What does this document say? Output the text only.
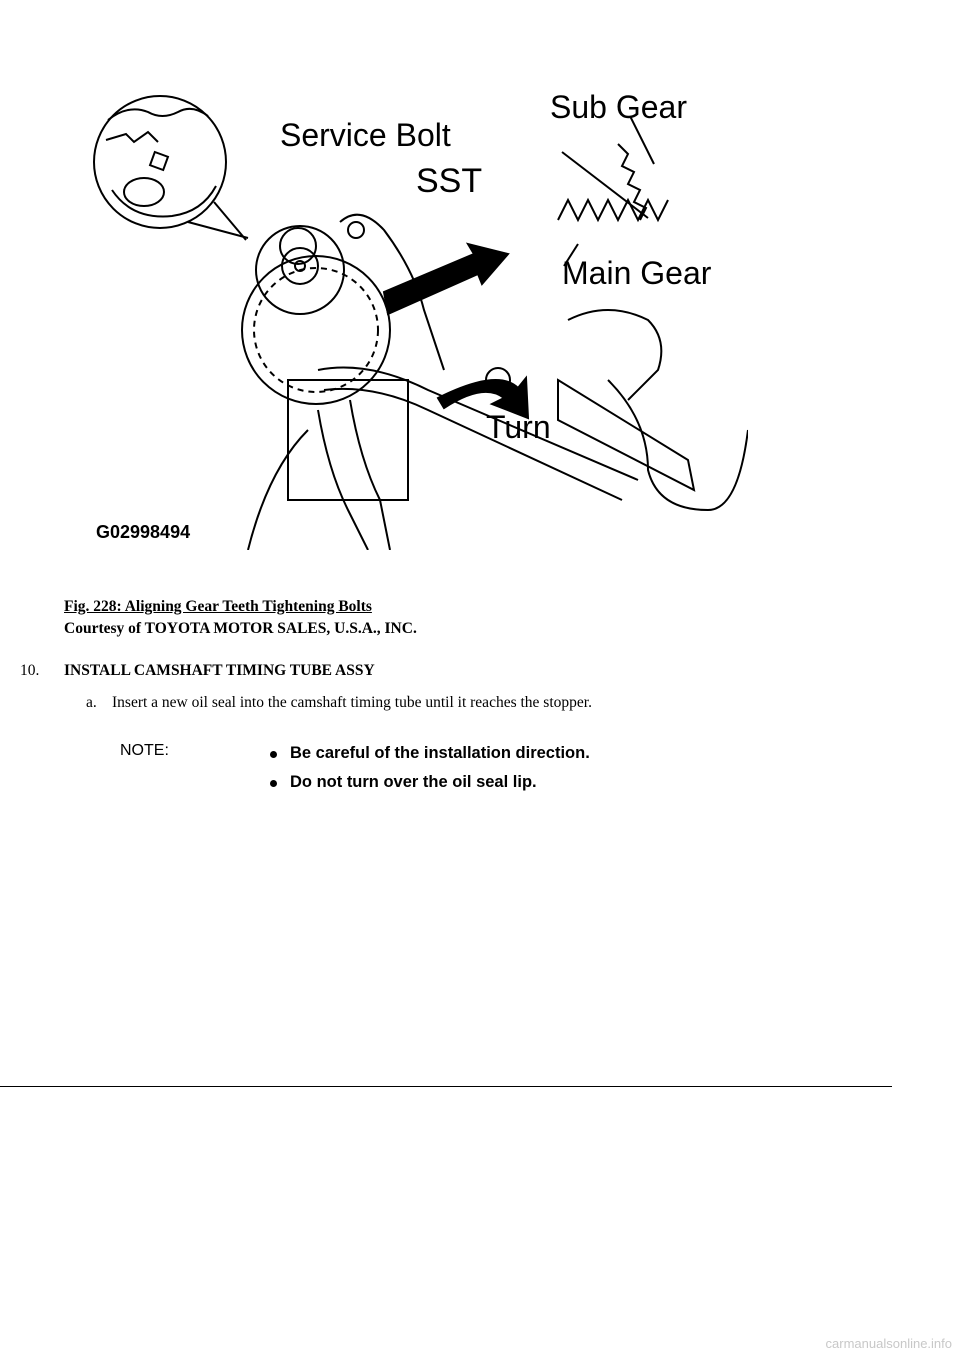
Service Bolt
Sub Gear
SST
Main Gear
Turn
G02998494

Fig. 228: Aligning Gear Teeth Tightening Bolts

Courtesy of TOYOTA MOTOR SALES, U.S.A., INC.

10. INSTALL CAMSHAFT TIMING TUBE ASSY
a. Insert a new oil seal into the camshaft timing tube until it reaches the stopper.
NOTE:	Be careful of the installation direction.
Do not turn over the oil seal lip.
carmanualsonline.info
